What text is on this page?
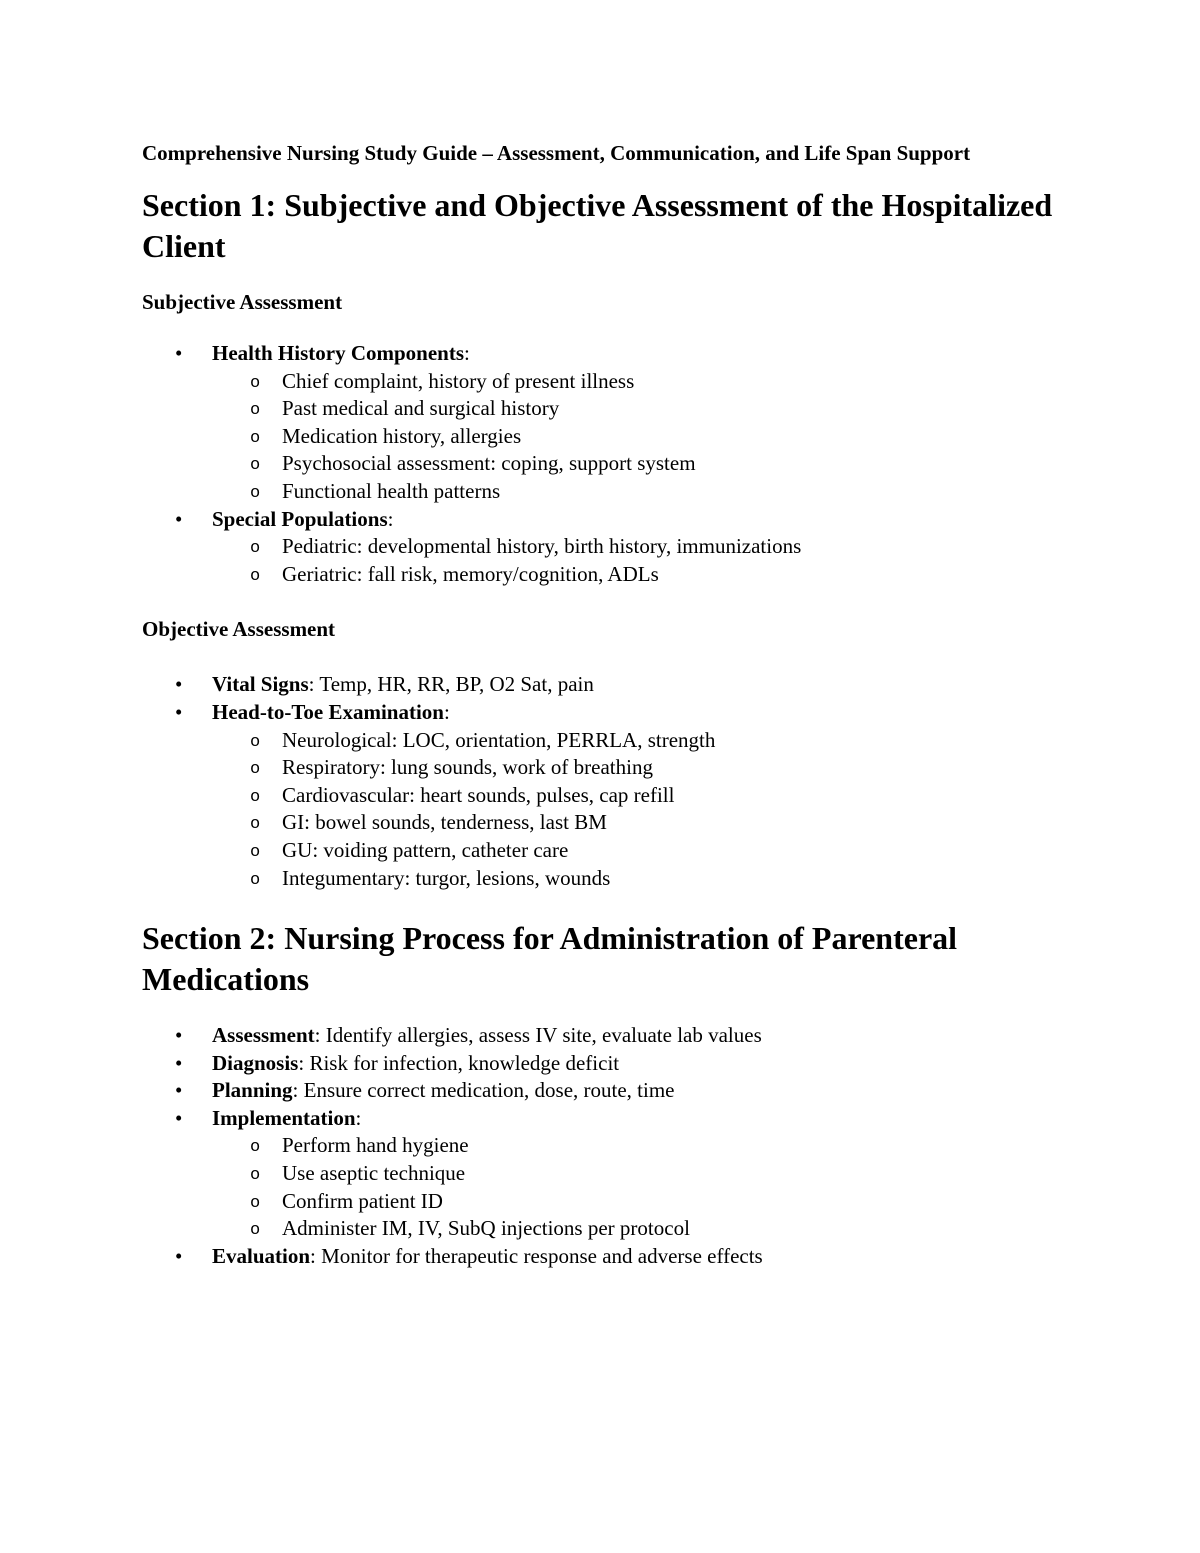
Comprehensive Nursing Study Guide – Assessment, Communication, and Life Span Support

Section 1: Subjective and Objective Assessment of the Hospitalized Client
Subjective Assessment
• Health History Components:
o Chief complaint, history of present illness
o Past medical and surgical history
o Medication history, allergies
o Psychosocial assessment: coping, support system
o Functional health patterns
• Special Populations:
o Pediatric: developmental history, birth history, immunizations
o Geriatric: fall risk, memory/cognition, ADLs
Objective Assessment
• Vital Signs: Temp, HR, RR, BP, O2 Sat, pain
• Head-to-Toe Examination:
o Neurological: LOC, orientation, PERRLA, strength
o Respiratory: lung sounds, work of breathing
o Cardiovascular: heart sounds, pulses, cap refill
o GI: bowel sounds, tenderness, last BM
o GU: voiding pattern, catheter care
o Integumentary: turgor, lesions, wounds
Section 2: Nursing Process for Administration of Parenteral Medications
• Assessment: Identify allergies, assess IV site, evaluate lab values
• Diagnosis: Risk for infection, knowledge deficit
• Planning: Ensure correct medication, dose, route, time
• Implementation:
o Perform hand hygiene
o Use aseptic technique
o Confirm patient ID
o Administer IM, IV, SubQ injections per protocol
• Evaluation: Monitor for therapeutic response and adverse effects
